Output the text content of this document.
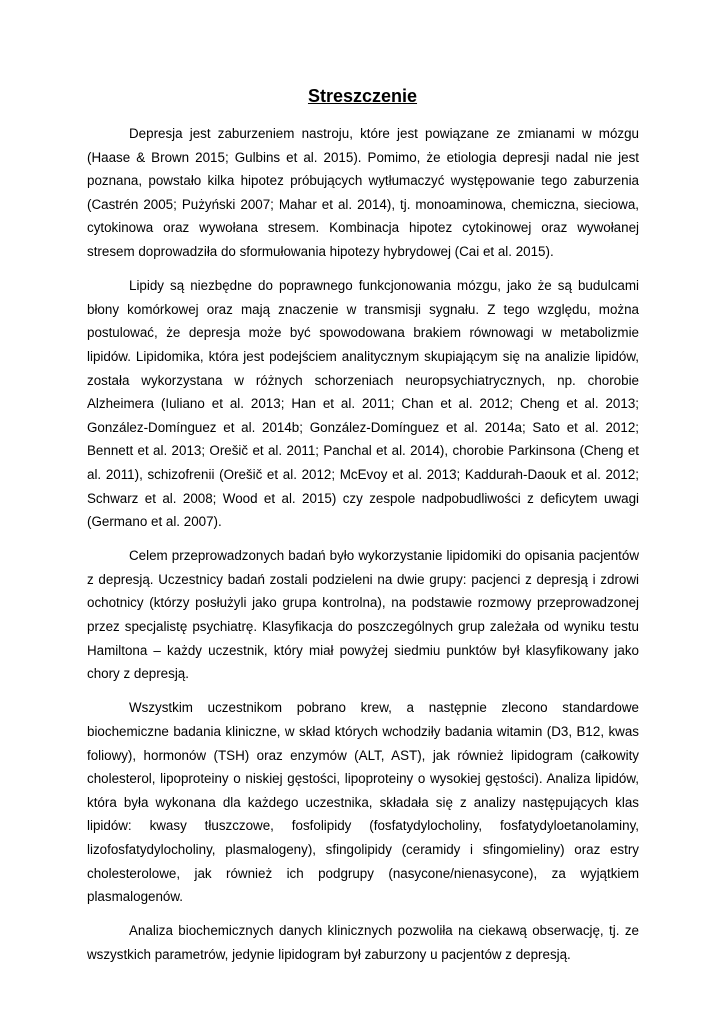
Streszczenie

Depresja jest zaburzeniem nastroju, które jest powiązane ze zmianami w mózgu (Haase & Brown 2015; Gulbins et al. 2015). Pomimo, że etiologia depresji nadal nie jest poznana, powstało kilka hipotez próbujących wytłumaczyć występowanie tego zaburzenia (Castrén 2005; Pużyński 2007; Mahar et al. 2014), tj. monoaminowa, chemiczna, sieciowa, cytokinowa oraz wywołana stresem. Kombinacja hipotez cytokinowej oraz wywołanej stresem doprowadziła do sformułowania hipotezy hybrydowej (Cai et al. 2015).

Lipidy są niezbędne do poprawnego funkcjonowania mózgu, jako że są budulcami błony komórkowej oraz mają znaczenie w transmisji sygnału. Z tego względu, można postulować, że depresja może być spowodowana brakiem równowagi w metabolizmie lipidów. Lipidomika, która jest podejściem analitycznym skupiającym się na analizie lipidów, została wykorzystana w różnych schorzeniach neuropsychiatrycznych, np. chorobie Alzheimera (Iuliano et al. 2013; Han et al. 2011; Chan et al. 2012; Cheng et al. 2013; González-Domínguez et al. 2014b; González-Domínguez et al. 2014a; Sato et al. 2012; Bennett et al. 2013; Orešič et al. 2011; Panchal et al. 2014), chorobie Parkinsona (Cheng et al. 2011), schizofrenii (Orešič et al. 2012; McEvoy et al. 2013; Kaddurah-Daouk et al. 2012; Schwarz et al. 2008; Wood et al. 2015) czy zespole nadpobudliwości z deficytem uwagi (Germano et al. 2007).

Celem przeprowadzonych badań było wykorzystanie lipidomiki do opisania pacjentów z depresją. Uczestnicy badań zostali podzieleni na dwie grupy: pacjenci z depresją i zdrowi ochotnicy (którzy posłużyli jako grupa kontrolna), na podstawie rozmowy przeprowadzonej przez specjalistę psychiatrę. Klasyfikacja do poszczególnych grup zależała od wyniku testu Hamiltona – każdy uczestnik, który miał powyżej siedmiu punktów był klasyfikowany jako chory z depresją.

Wszystkim uczestnikom pobrano krew, a następnie zlecono standardowe biochemiczne badania kliniczne, w skład których wchodziły badania witamin (D3, B12, kwas foliowy), hormonów (TSH) oraz enzymów (ALT, AST), jak również lipidogram (całkowity cholesterol, lipoproteiny o niskiej gęstości, lipoproteiny o wysokiej gęstości). Analiza lipidów, która była wykonana dla każdego uczestnika, składała się z analizy następujących klas lipidów: kwasy tłuszczowe, fosfolipidy (fosfatydylocholiny, fosfatydyloetanolaminy, lizofosfatydylocholiny, plasmalogeny), sfingolipidy (ceramidy i sfingomieliny) oraz estry cholesterolowe, jak również ich podgrupy (nasycone/nienasycone), za wyjątkiem plasmalogenów.

Analiza biochemicznych danych klinicznych pozwoliła na ciekawą obserwację, tj. ze wszystkich parametrów, jedynie lipidogram był zaburzony u pacjentów z depresją.
